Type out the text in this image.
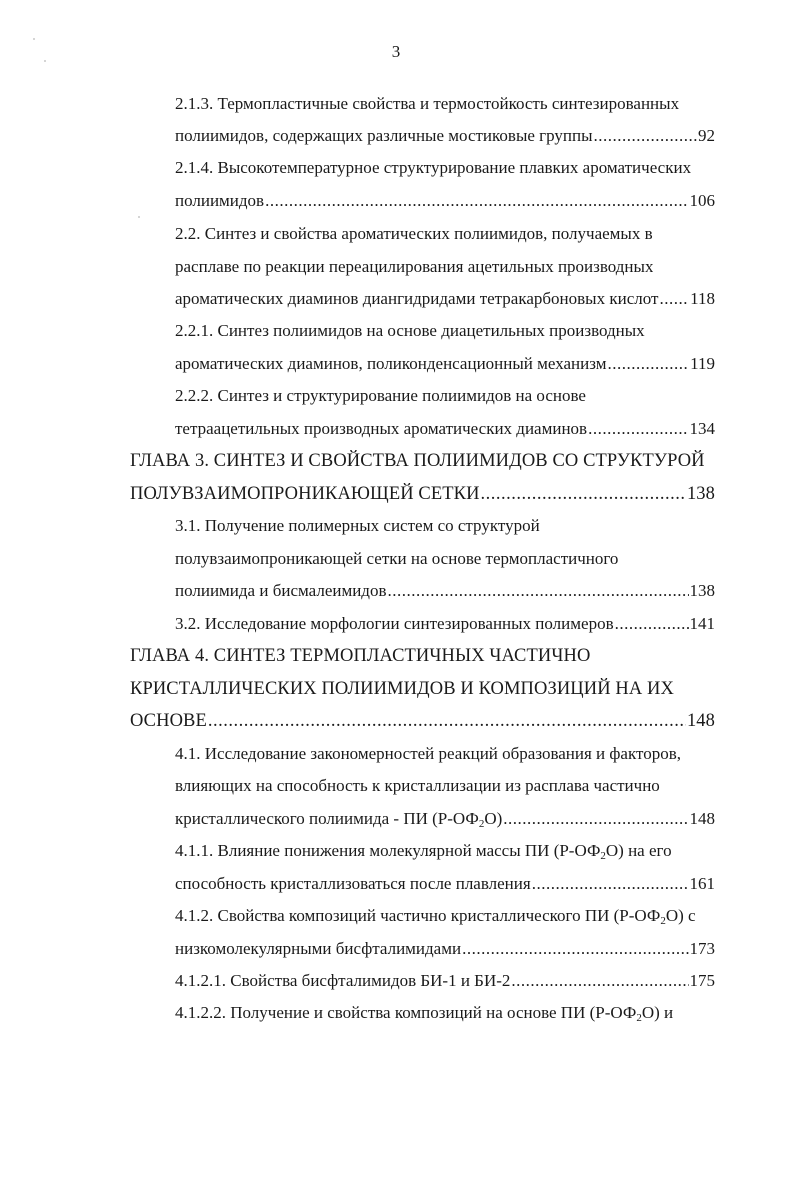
3
2.1.3. Термопластичные свойства и термостойкость синтезированных
полиимидов, содержащих различные мостиковые группы .....	92
2.1.4. Высокотемпературное структурирование плавких ароматических
полиимидов .....	106
2.2. Синтез и свойства ароматических полиимидов, получаемых в
расплаве по реакции переацилирования ацетильных производных
ароматических диаминов диангидридами тетракарбоновых кислот ..... 118
2.2.1. Синтез полиимидов на основе диацетильных производных
ароматических диаминов, поликонденсационный механизм .....	119
2.2.2. Синтез и структурирование полиимидов на основе
тетраацетильных производных ароматических диаминов .....	134
ГЛАВА 3. СИНТЕЗ И СВОЙСТВА ПОЛИИМИДОВ СО СТРУКТУРОЙ
ПОЛУВЗАИМОПРОНИКАЮЩЕЙ СЕТКИ .....	138
3.1. Получение полимерных систем со структурой
полувзаимопроникающей сетки на основе термопластичного
полиимида и бисмалеимидов .....	138
3.2. Исследование морфологии синтезированных полимеров .....	141
ГЛАВА 4. СИНТЕЗ ТЕРМОПЛАСТИЧНЫХ ЧАСТИЧНО
КРИСТАЛЛИЧЕСКИХ ПОЛИИМИДОВ И КОМПОЗИЦИЙ НА ИХ
ОСНОВЕ .....	148
4.1. Исследование закономерностей реакций образования и факторов,
влияющих на способность к кристаллизации из расплава частично
кристаллического полиимида - ПИ $(Р-ОФ_2О)$ .....	148
4.1.1. Влияние понижения молекулярной массы ПИ $(Р-ОФ_2О)$ на его
способность кристаллизоваться после плавления .....	161
4.1.2. Свойства композиций частично кристаллического ПИ $(Р-ОФ_2О)$ с
низкомолекулярными бисфталимидами .....	173
4.1.2.1. Свойства бисфталимидов БИ-1 и БИ-2 .....	175
4.1.2.2. Получение и свойства композиций на основе ПИ $(Р-ОФ_2О)$ и
